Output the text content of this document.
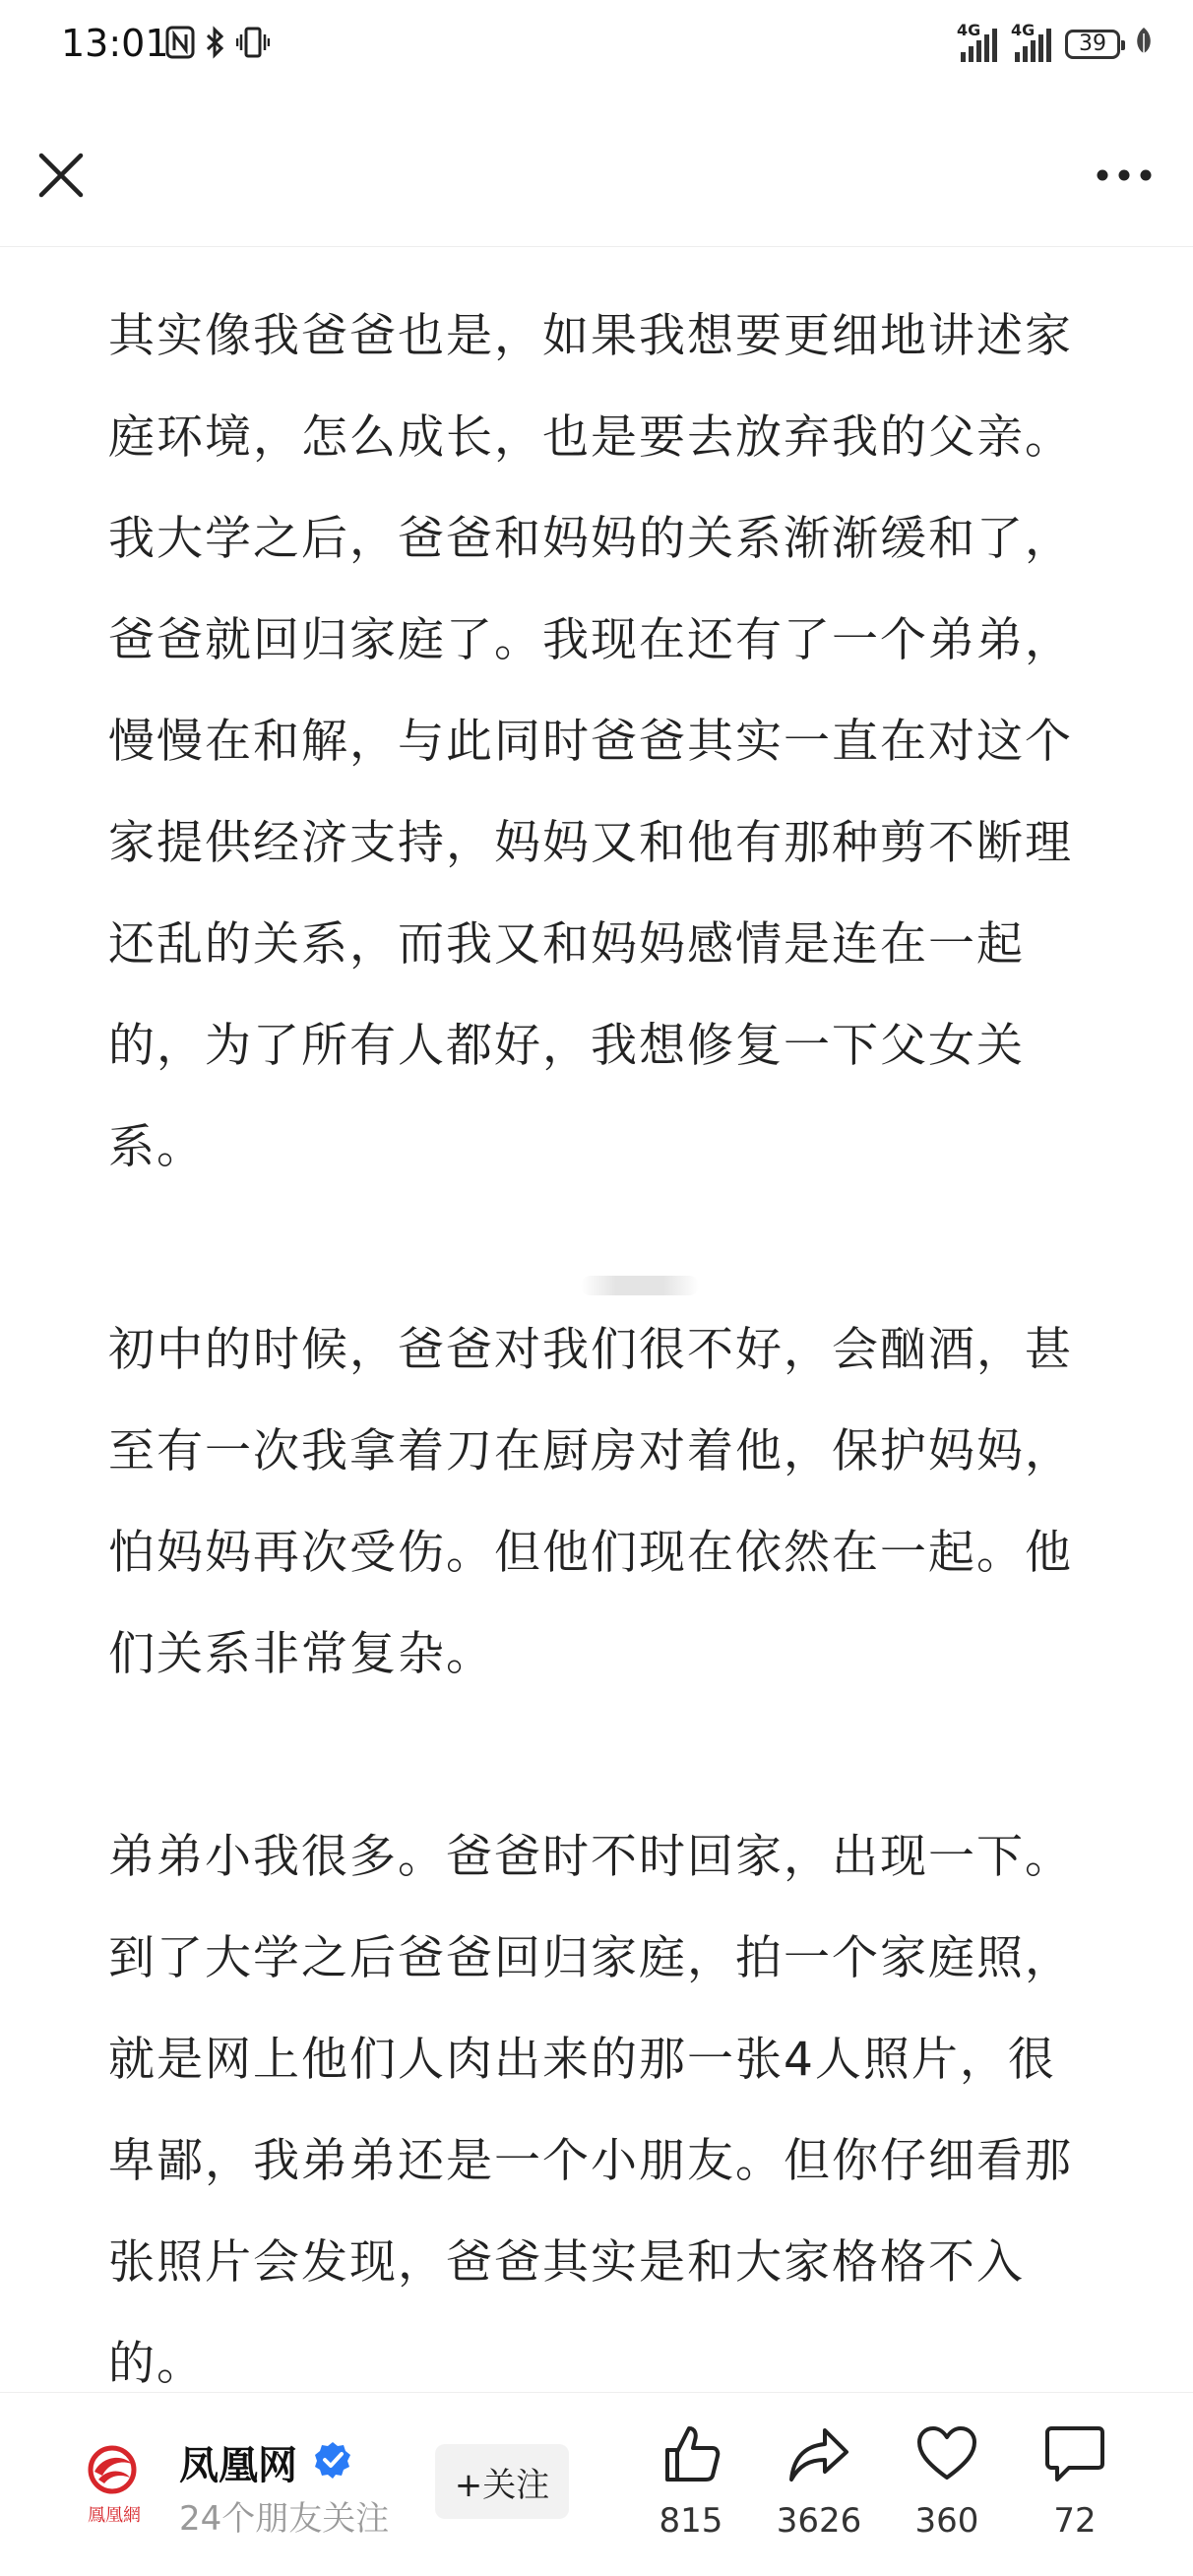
13:01	4G 4G
39

其实像我爸爸也是，如果我想要更细地讲述家庭环境，怎么成长，也是要去放弃我的父亲。我大学之后，爸爸和妈妈的关系渐渐缓和了，爸爸就回归家庭了。我现在还有了一个弟弟，慢慢在和解，与此同时爸爸其实一直在对这个家提供经济支持，妈妈又和他有那种剪不断理还乱的关系，而我又和妈妈感情是连在一起的，为了所有人都好，我想修复一下父女关系。

初中的时候，爸爸对我们很不好，会酗酒，甚至有一次我拿着刀在厨房对着他，保护妈妈，怕妈妈再次受伤。但他们现在依然在一起。他们关系非常复杂。

弟弟小我很多。爸爸时不时回家，出现一下。到了大学之后爸爸回归家庭，拍一个家庭照，就是网上他们人肉出来的那一张4人照片，很卑鄙，我弟弟还是一个小朋友。但你仔细看那张照片会发现，爸爸其实是和大家格格不入的。

鳳凰網
凤凰网
24个朋友关注
+关注
815 3626 360 72
